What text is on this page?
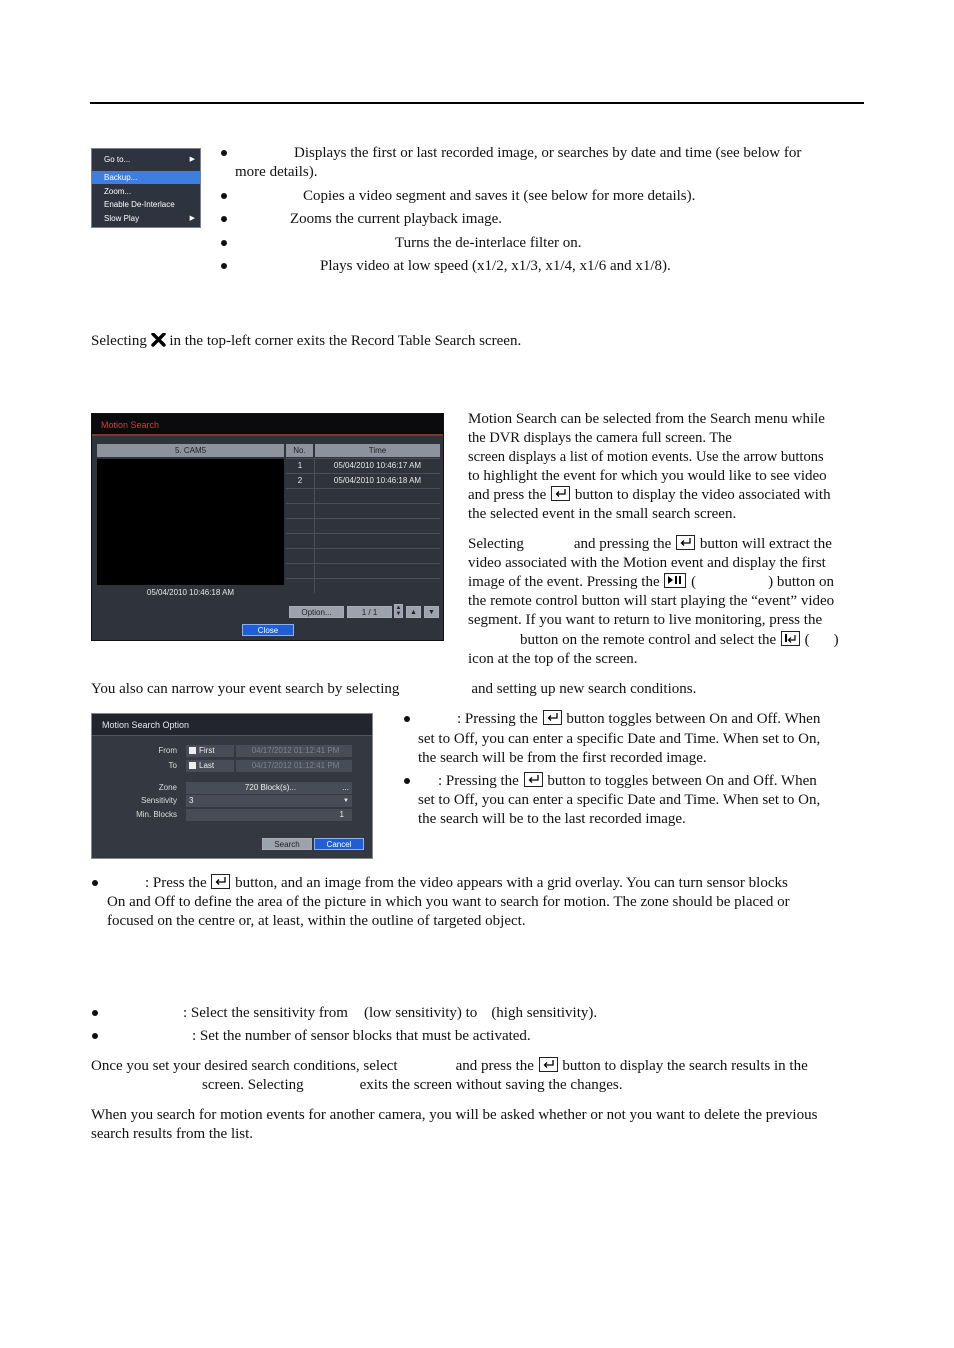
Go to...	▶
Backup...
Zoom...
Enable De-Interlace
Slow Play	▶
Displays the first or last recorded image, or searches by date and time (see below for
more details).
Copies a video segment and saves it (see below for more details).
Zooms the current playback image.
Turns the de-interlace filter on.
Plays video at low speed (x1/2, x1/3, x1/4, x1/6 and x1/8).
Selecting in the top-left corner exits the Record Table Search screen.
Motion Search
5. CAM5
05/04/2010 10:46:18 AM
No.	Time
1	05/04/2010 10:46:17 AM
2	05/04/2010 10:46:18 AM
Option...	1 / 1	▲
▼	▲	▼
Close
Motion Search can be selected from the Search menu while
the DVR displays the camera full screen. The
screen displays a list of motion events. Use the arrow buttons
to highlight the event for which you would like to see video
and press the button to display the video associated with
the selected event in the small search screen.
Selecting	and pressing the button will extract the
video associated with the Motion event and display the first
image of the event. Pressing the (	) button on
the remote control button will start playing the “event” video
segment. If you want to return to live monitoring, press the
button on the remote control and select the ( )
icon at the top of the screen.
You also can narrow your event search by selecting	and setting up new search conditions.
Motion Search Option
From	First	04/17/2012 01:12:41 PM
To	Last	04/17/2012 01:12:41 PM
Zone	720 Block(s)...	...
Sensitivity	3	▼
Min. Blocks	1
Search	Cancel
: Pressing the button toggles between On and Off. When
set to Off, you can enter a specific Date and Time. When set to On,
the search will be from the first recorded image.
: Pressing the button to toggles between On and Off. When
set to Off, you can enter a specific Date and Time. When set to On,
the search will be to the last recorded image.
: Press the button, and an image from the video appears with a grid overlay. You can turn sensor blocks
On and Off to define the area of the picture in which you want to search for motion. The zone should be placed or
focused on the centre or, at least, within the outline of targeted object.
: Select the sensitivity from (low sensitivity) to (high sensitivity).
: Set the number of sensor blocks that must be activated.
Once you set your desired search conditions, select	and press the button to display the search results in the
screen. Selecting	exits the screen without saving the changes.
When you search for motion events for another camera, you will be asked whether or not you want to delete the previous
search results from the list.
